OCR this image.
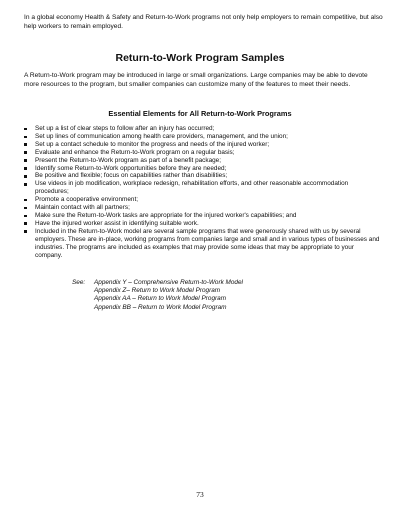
In a global economy Health & Safety and Return-to-Work programs not only help employers to remain competitive, but also help workers to remain employed.

Return-to-Work Program Samples

A Return-to-Work program may be introduced in large or small organizations. Large companies may be able to devote more resources to the program, but smaller companies can customize many of the features to meet their needs.

Essential Elements for All Return-to-Work Programs
Set up a list of clear steps to follow after an injury has occurred;
Set up lines of communication among health care providers, management, and the union;
Set up a contact schedule to monitor the progress and needs of the injured worker;
Evaluate and enhance the Return-to-Work program on a regular basis;
Present the Return-to-Work program as part of a benefit package;
Identify some Return-to-Work opportunities before they are needed;
Be positive and flexible; focus on capabilities rather than disabilities;
Use videos in job modification, workplace redesign, rehabilitation efforts, and other reasonable accommodation procedures;
Promote a cooperative environment;
Maintain contact with all partners;
Make sure the Return-to-Work tasks are appropriate for the injured worker's capabilities; and
Have the injured worker assist in identifying suitable work.
Included in the Return-to-Work model are several sample programs that were generously shared with us by several employers. These are in-place, working programs from companies large and small and in various types of businesses and industries. The programs are included as examples that may provide some ideas that may be appropriate to your company.
See: Appendix Y – Comprehensive Return-to-Work Model
Appendix Z– Return to Work Model Program
Appendix AA – Return to Work Model Program
Appendix BB – Return to Work Model Program
73
